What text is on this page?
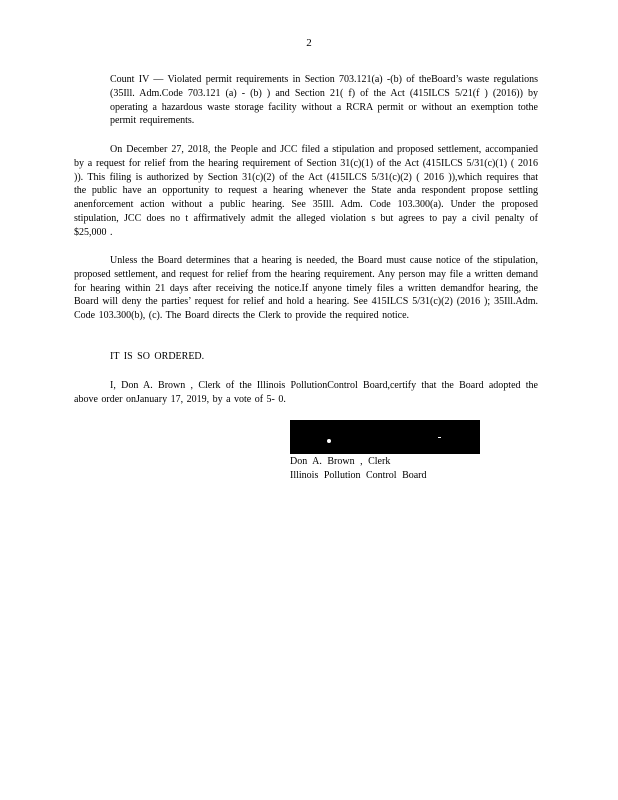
2

Count IV — Violated permit requirements in Section 703.121(a) -(b) of theBoard’s waste regulations (35Ill. Adm.Code 703.121 (a) - (b) ) and Section 21( f) of the Act (415ILCS 5/21(f ) (2016)) by operating a hazardous waste storage facility without a RCRA permit or without an exemption tothe permit requirements.

On December 27, 2018, the People and JCC filed a stipulation and proposed settlement, accompanied by a request for relief from the hearing requirement of Section 31(c)(1) of the Act (415ILCS 5/31(c)(1) ( 2016 )). This filing is authorized by Section 31(c)(2) of the Act (415ILCS 5/31(c)(2) ( 2016 )),which requires that the public have an opportunity to request a hearing whenever the State anda respondent propose settling anenforcement action without a public hearing. See 35Ill. Adm. Code 103.300(a). Under the proposed stipulation, JCC does no t affirmatively admit the alleged violation s but agrees to pay a civil penalty of $25,000 .

Unless the Board determines that a hearing is needed, the Board must cause notice of the stipulation, proposed settlement, and request for relief from the hearing requirement. Any person may file a written demand for hearing within 21 days after receiving the notice.If anyone timely files a written demandfor hearing, the Board will deny the parties’ request for relief and hold a hearing. See 415ILCS 5/31(c)(2) (2016 ); 35Ill.Adm. Code 103.300(b), (c). The Board directs the Clerk to provide the required notice.

IT IS SO ORDERED.

I, Don A. Brown , Clerk of the Illinois PollutionControl Board,certify that the Board adopted the above order onJanuary 17, 2019, by a vote of 5- 0.

Don A. Brown , Clerk
Illinois Pollution Control Board
